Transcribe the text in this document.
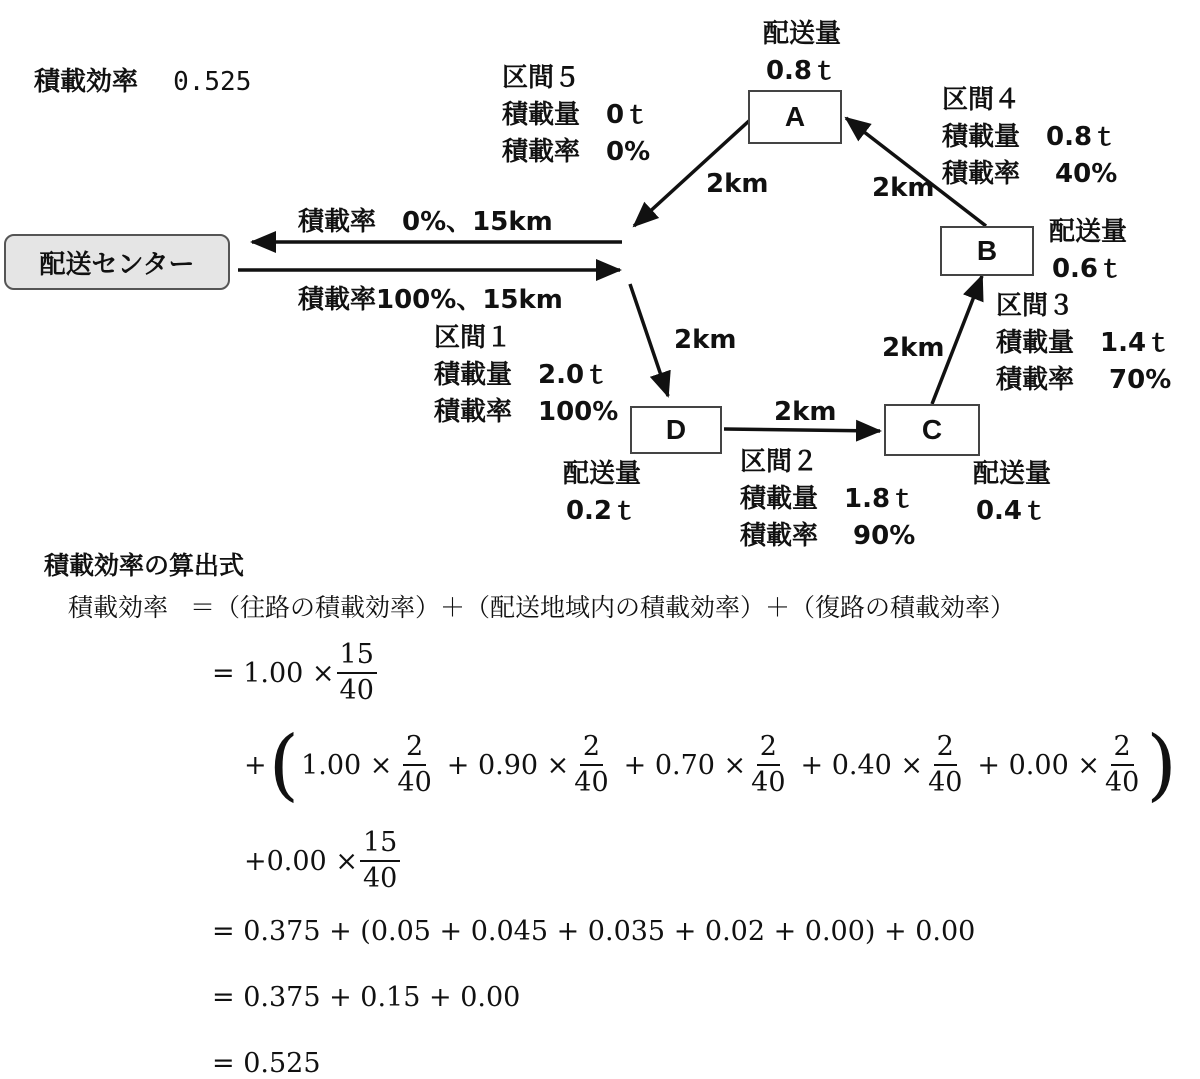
積載効率 0.525
配送センター
積載率　0%、15km
積載率100%、15km
A
B
C
D
配送量
0.8ｔ
配送量
0.6ｔ
配送量
0.4ｔ
配送量
0.2ｔ
区間１
積載量　2.0ｔ
積載率　100%
区間２
積載量　1.8ｔ
積載率　 90%
区間３
積載量　1.4ｔ
積載率　 70%
区間４
積載量　0.8ｔ
積載率　 40%
区間５
積載量　0ｔ
積載率　0%
2km	2km
2km	2km
2km
積載効率の算出式
積載効率 ＝（往路の積載効率）＋（配送地域内の積載効率）＋（復路の積載効率）
= $1.00 \times \frac{15}{40}$
+ ( $1.00 \times \frac{2}{40} + 0.90 \times \frac{2}{40} + 0.70 \times \frac{2}{40} + 0.40 \times \frac{2}{40} + 0.00 \times \frac{2}{40}$ )
$+0.00 \times \frac{15}{40}$
= 0.375 + (0.05 + 0.045 + 0.035 + 0.02 + 0.00) + 0.00
= 0.375 + 0.15 + 0.00
= 0.525
